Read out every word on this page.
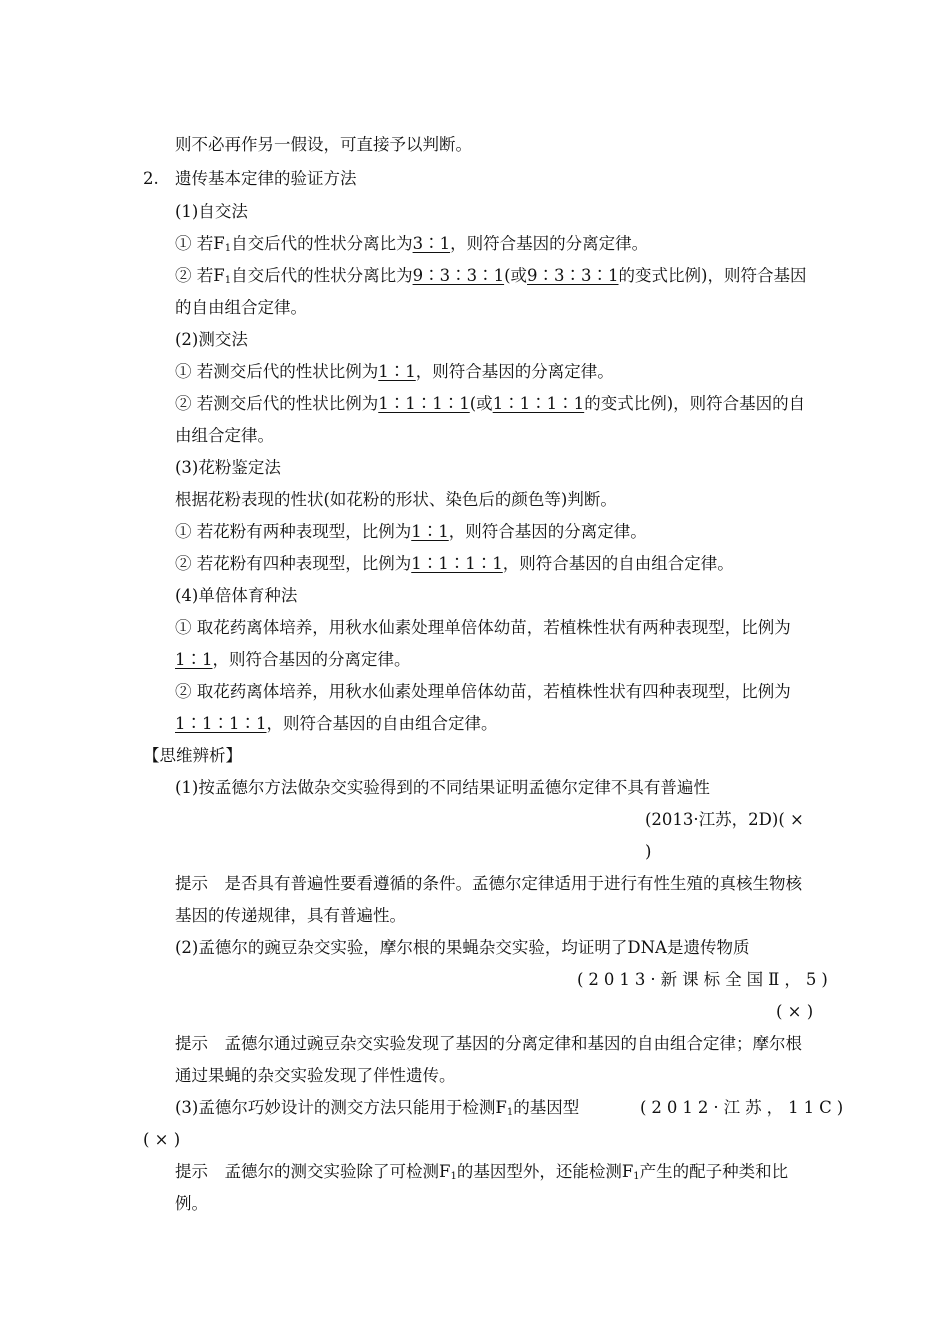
则不必再作另一假设，可直接予以判断。
2. 遗传基本定律的验证方法
(1)自交法
① 若$F_1$自交后代的性状分离比为3∶1，则符合基因的分离定律。
② 若$F_1$自交后代的性状分离比为9∶3∶3∶1(或9∶3∶3∶1的变式比例)，则符合基因
的自由组合定律。
(2)测交法
① 若测交后代的性状比例为1∶1，则符合基因的分离定律。
② 若测交后代的性状比例为1∶1∶1∶1(或1∶1∶1∶1的变式比例)，则符合基因的自
由组合定律。
(3)花粉鉴定法
根据花粉表现的性状(如花粉的形状、染色后的颜色等)判断。
① 若花粉有两种表现型，比例为1∶1，则符合基因的分离定律。
② 若花粉有四种表现型，比例为1∶1∶1∶1，则符合基因的自由组合定律。
(4)单倍体育种法
① 取花药离体培养，用秋水仙素处理单倍体幼苗，若植株性状有两种表现型，比例为
1∶1，则符合基因的分离定律。
② 取花药离体培养，用秋水仙素处理单倍体幼苗，若植株性状有四种表现型，比例为
1∶1∶1∶1，则符合基因的自由组合定律。
【思维辨析】
(1)按孟德尔方法做杂交实验得到的不同结果证明孟德尔定律不具有普遍性
(2013·江苏，2D)( ×
)
提示　是否具有普遍性要看遵循的条件。孟德尔定律适用于进行有性生殖的真核生物核
基因的传递规律，具有普遍性。
(2)孟德尔的豌豆杂交实验，摩尔根的果蝇杂交实验，均证明了DNA是遗传物质
(2013·新课标全国Ⅱ，5)
( × )
提示　孟德尔通过豌豆杂交实验发现了基因的分离定律和基因的自由组合定律；摩尔根
通过果蝇的杂交实验发现了伴性遗传。
(3)孟德尔巧妙设计的测交方法只能用于检测$F_1$的基因型	(2012·江苏，11C)
( × )
提示　孟德尔的测交实验除了可检测$F_1$的基因型外，还能检测$F_1$产生的配子种类和比
例。
